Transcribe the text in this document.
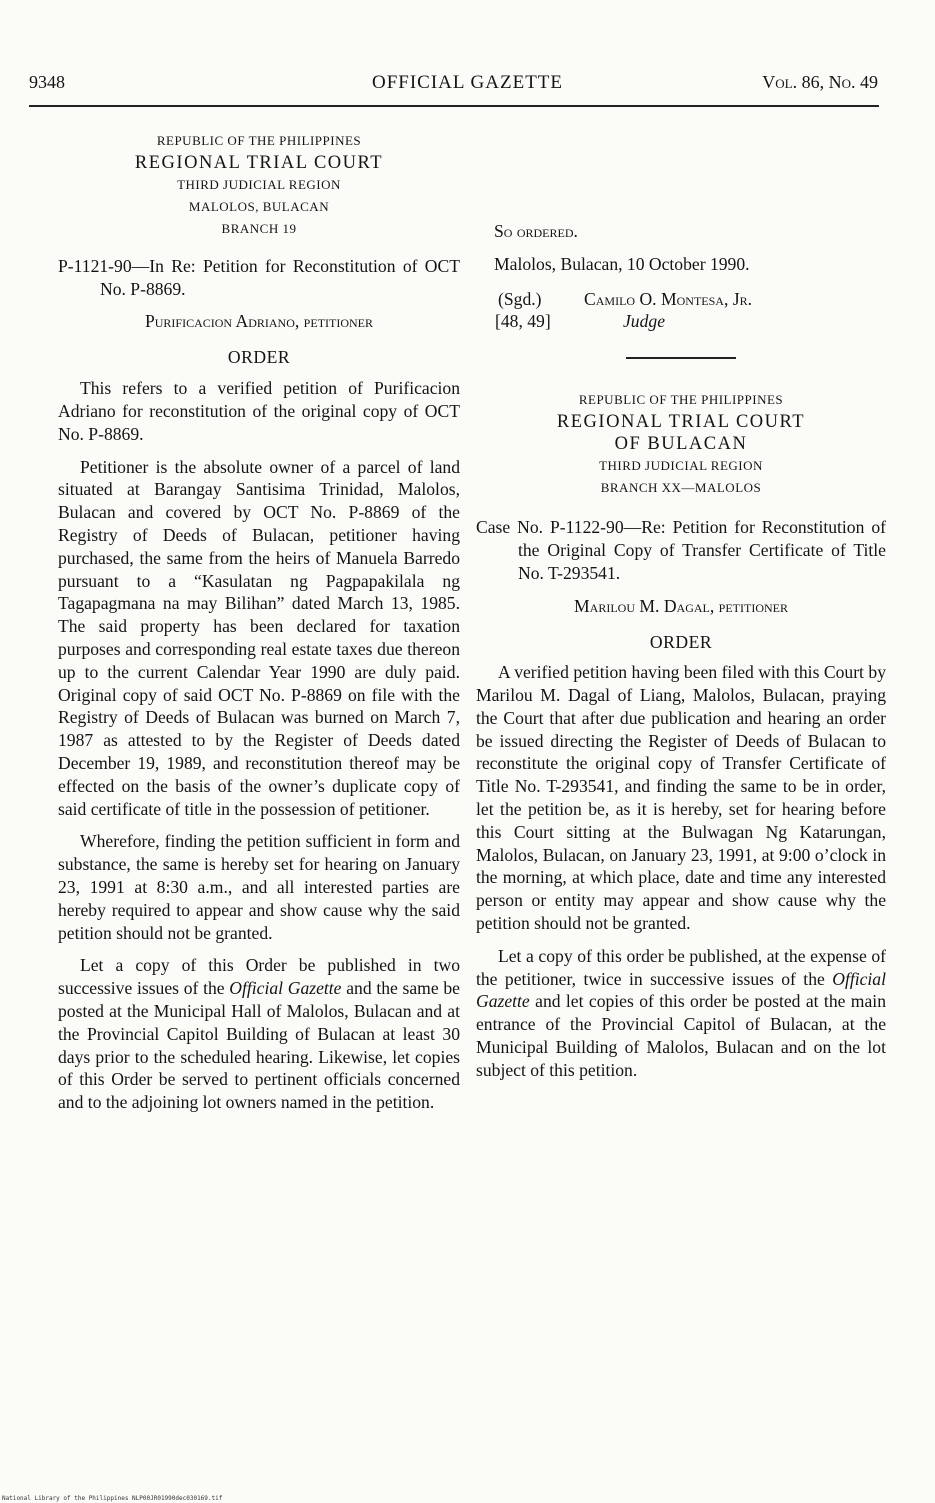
9348	OFFICIAL GAZETTE	Vol. 86, No. 49
REPUBLIC OF THE PHILIPPINES
REGIONAL TRIAL COURT
THIRD JUDICIAL REGION
MALOLOS, BULACAN
BRANCH 19

P-1121-90—In Re: Petition for Reconstitution of OCT No. P-8869.

Purificacion Adriano, petitioner

ORDER

This refers to a verified petition of Purificacion Adriano for reconstitution of the original copy of OCT No. P-8869.

Petitioner is the absolute owner of a parcel of land situated at Barangay Santisima Trinidad, Malolos, Bulacan and covered by OCT No. P-8869 of the Registry of Deeds of Bulacan, petitioner having purchased, the same from the heirs of Manuela Barredo pursuant to a “Kasulatan ng Pagpapakilala ng Tagapagmana na may Bilihan” dated March 13, 1985. The said property has been declared for taxation purposes and corresponding real estate taxes due thereon up to the current Calendar Year 1990 are duly paid. Original copy of said OCT No. P-8869 on file with the Registry of Deeds of Bulacan was burned on March 7, 1987 as attested to by the Register of Deeds dated December 19, 1989, and reconstitution thereof may be effected on the basis of the owner’s duplicate copy of said certificate of title in the possession of petitioner.

Wherefore, finding the petition sufficient in form and substance, the same is hereby set for hearing on January 23, 1991 at 8:30 a.m., and all interested parties are hereby required to appear and show cause why the said petition should not be granted.

Let a copy of this Order be published in two successive issues of the Official Gazette and the same be posted at the Municipal Hall of Malolos, Bulacan and at the Provincial Capitol Building of Bulacan at least 30 days prior to the scheduled hearing. Likewise, let copies of this Order be served to pertinent officials concerned and to the adjoining lot owners named in the petition.

So ordered.

Malolos, Bulacan, 10 October 1990.

(Sgd.)	Camilo O. Montesa, Jr.
[48, 49]	Judge
REPUBLIC OF THE PHILIPPINES
REGIONAL TRIAL COURT
OF BULACAN
THIRD JUDICIAL REGION
BRANCH XX—MALOLOS

Case No. P-1122-90—Re: Petition for Reconstitution of the Original Copy of Transfer Certificate of Title No. T-293541.

Marilou M. Dagal, petitioner

ORDER

A verified petition having been filed with this Court by Marilou M. Dagal of Liang, Malolos, Bulacan, praying the Court that after due publication and hearing an order be issued directing the Register of Deeds of Bulacan to reconstitute the original copy of Transfer Certificate of Title No. T-293541, and finding the same to be in order, let the petition be, as it is hereby, set for hearing before this Court sitting at the Bulwagan Ng Katarungan, Malolos, Bulacan, on January 23, 1991, at 9:00 o’clock in the morning, at which place, date and time any interested person or entity may appear and show cause why the petition should not be granted.

Let a copy of this order be published, at the expense of the petitioner, twice in successive issues of the Official Gazette and let copies of this order be posted at the main entrance of the Provincial Capitol of Bulacan, at the Municipal Building of Malolos, Bulacan and on the lot subject of this petition.

National Library of the Philippines NLP00JR01990dec030169.tif
